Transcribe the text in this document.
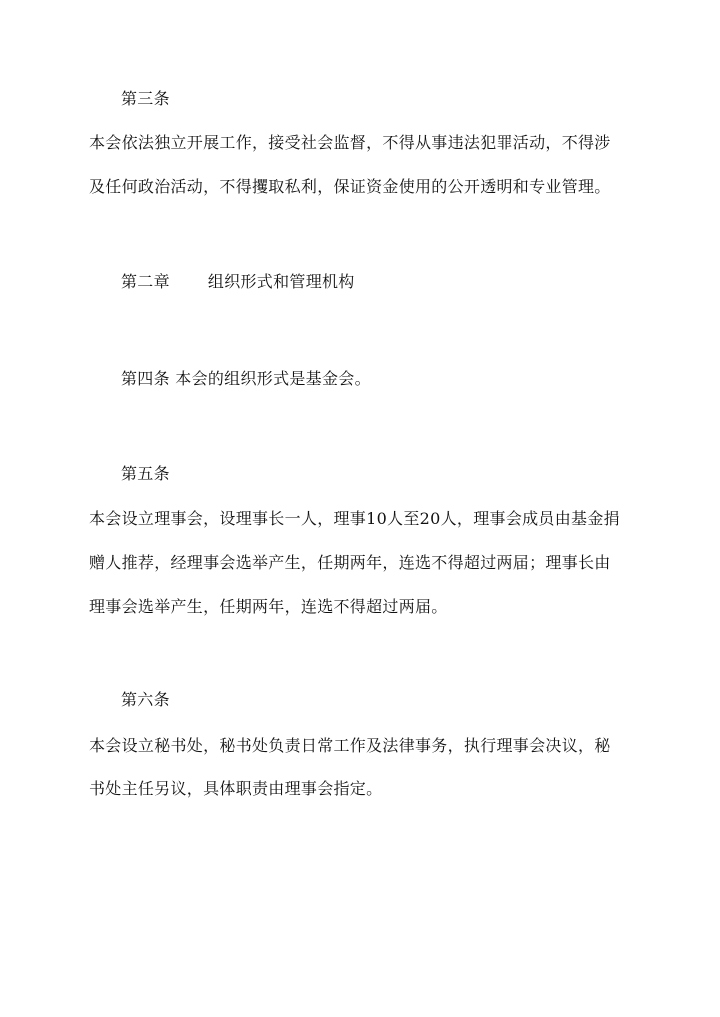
第三条
本会依法独立开展工作，接受社会监督，不得从事违法犯罪活动，不得涉
及任何政治活动，不得攫取私利，保证资金使用的公开透明和专业管理。
第二章 组织形式和管理机构
第四条 本会的组织形式是基金会。
第五条
本会设立理事会，设理事长一人，理事10人至20人，理事会成员由基金捐
赠人推荐，经理事会选举产生，任期两年，连选不得超过两届；理事长由
理事会选举产生，任期两年，连选不得超过两届。
第六条
本会设立秘书处，秘书处负责日常工作及法律事务，执行理事会决议，秘
书处主任另议，具体职责由理事会指定。
